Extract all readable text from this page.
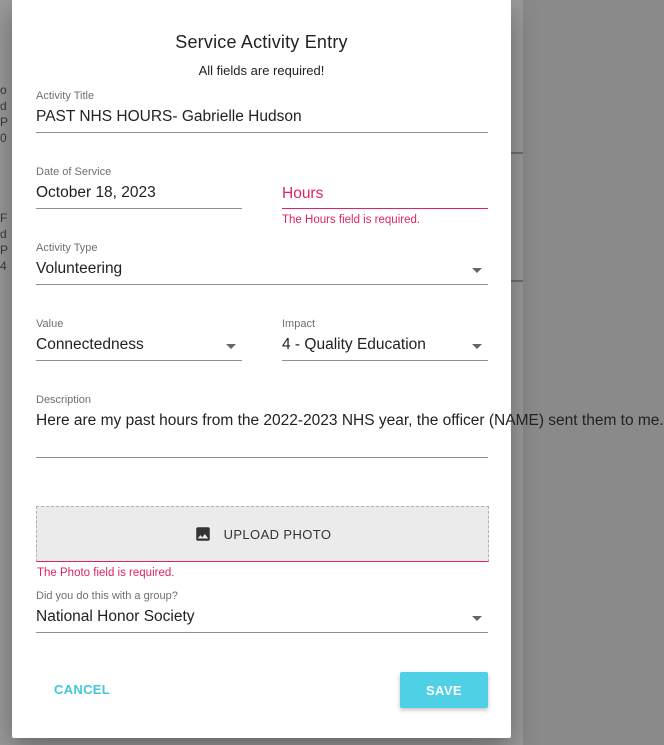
o
d
P
0
F
d
P
4
Service Activity Entry
All fields are required!
Activity Title
PAST NHS HOURS- Gabrielle Hudson
Date of Service
October 18, 2023	Hours
The Hours field is required.
Activity Type
Volunteering
Value
Connectedness
Impact
4 - Quality Education
Description
Here are my past hours from the 2022-2023 NHS year, the officer (NAME) sent them to me.
UPLOAD PHOTO
The Photo field is required.
Did you do this with a group?
National Honor Society
CANCEL	SAVE
